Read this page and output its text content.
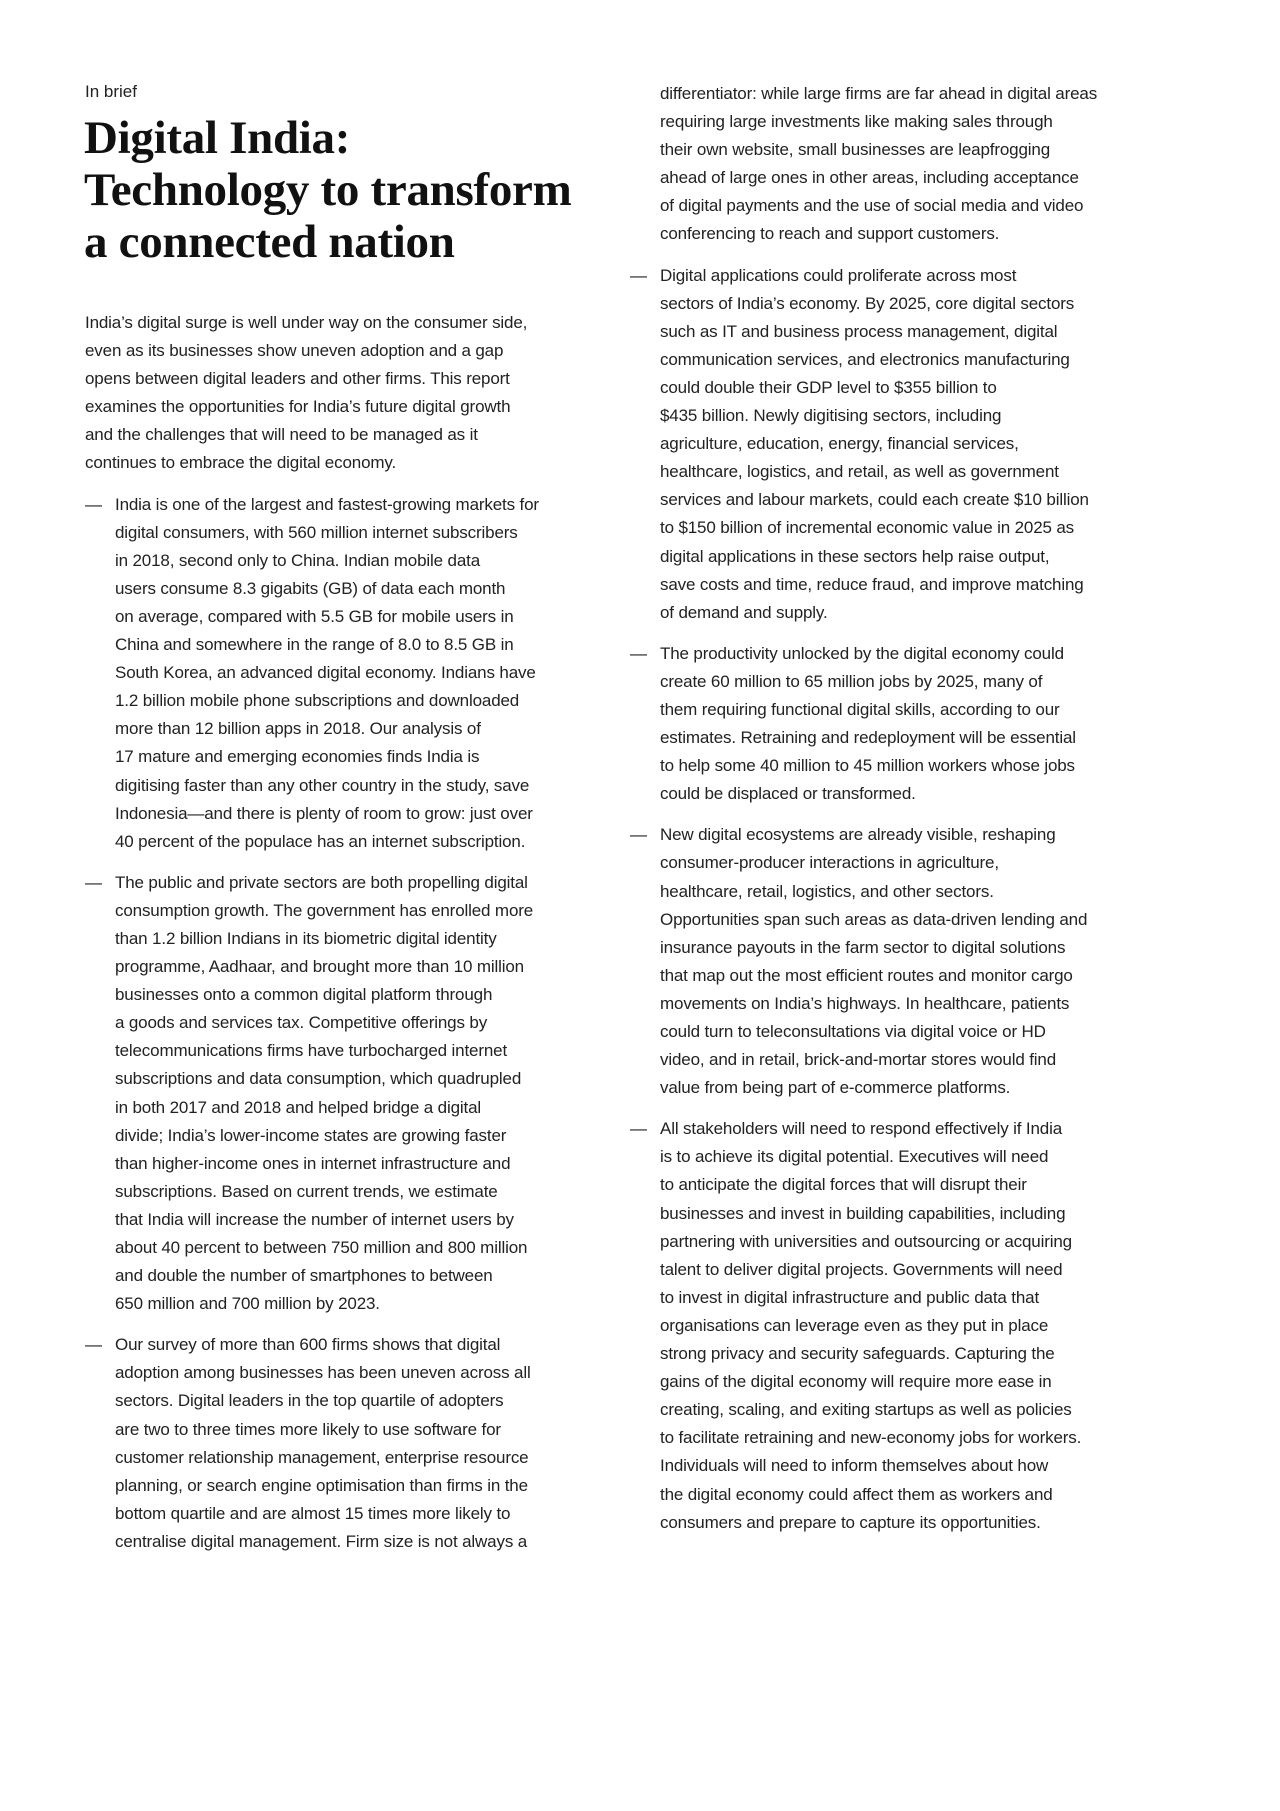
In brief
Digital India:
Technology to transform
a connected nation
India’s digital surge is well under way on the consumer side,
even as its businesses show uneven adoption and a gap
opens between digital leaders and other firms. This report
examines the opportunities for India’s future digital growth
and the challenges that will need to be managed as it
continues to embrace the digital economy.
— India is one of the largest and fastest-growing markets for
digital consumers, with 560 million internet subscribers
in 2018, second only to China. Indian mobile data
users consume 8.3 gigabits (GB) of data each month
on average, compared with 5.5 GB for mobile users in
China and somewhere in the range of 8.0 to 8.5 GB in
South Korea, an advanced digital economy. Indians have
1.2 billion mobile phone subscriptions and downloaded
more than 12 billion apps in 2018. Our analysis of
17 mature and emerging economies finds India is
digitising faster than any other country in the study, save
Indonesia—and there is plenty of room to grow: just over
40 percent of the populace has an internet subscription.
— The public and private sectors are both propelling digital
consumption growth. The government has enrolled more
than 1.2 billion Indians in its biometric digital identity
programme, Aadhaar, and brought more than 10 million
businesses onto a common digital platform through
a goods and services tax. Competitive offerings by
telecommunications firms have turbocharged internet
subscriptions and data consumption, which quadrupled
in both 2017 and 2018 and helped bridge a digital
divide; India’s lower-income states are growing faster
than higher-income ones in internet infrastructure and
subscriptions. Based on current trends, we estimate
that India will increase the number of internet users by
about 40 percent to between 750 million and 800 million
and double the number of smartphones to between
650 million and 700 million by 2023.
— Our survey of more than 600 firms shows that digital
adoption among businesses has been uneven across all
sectors. Digital leaders in the top quartile of adopters
are two to three times more likely to use software for
customer relationship management, enterprise resource
planning, or search engine optimisation than firms in the
bottom quartile and are almost 15 times more likely to
centralise digital management. Firm size is not always a
differentiator: while large firms are far ahead in digital areas
requiring large investments like making sales through
their own website, small businesses are leapfrogging
ahead of large ones in other areas, including acceptance
of digital payments and the use of social media and video
conferencing to reach and support customers.
— Digital applications could proliferate across most
sectors of India’s economy. By 2025, core digital sectors
such as IT and business process management, digital
communication services, and electronics manufacturing
could double their GDP level to $355 billion to
$435 billion. Newly digitising sectors, including
agriculture, education, energy, financial services,
healthcare, logistics, and retail, as well as government
services and labour markets, could each create $10 billion
to $150 billion of incremental economic value in 2025 as
digital applications in these sectors help raise output,
save costs and time, reduce fraud, and improve matching
of demand and supply.
— The productivity unlocked by the digital economy could
create 60 million to 65 million jobs by 2025, many of
them requiring functional digital skills, according to our
estimates. Retraining and redeployment will be essential
to help some 40 million to 45 million workers whose jobs
could be displaced or transformed.
— New digital ecosystems are already visible, reshaping
consumer-producer interactions in agriculture,
healthcare, retail, logistics, and other sectors.
Opportunities span such areas as data-driven lending and
insurance payouts in the farm sector to digital solutions
that map out the most efficient routes and monitor cargo
movements on India’s highways. In healthcare, patients
could turn to teleconsultations via digital voice or HD
video, and in retail, brick-and-mortar stores would find
value from being part of e-commerce platforms.
— All stakeholders will need to respond effectively if India
is to achieve its digital potential. Executives will need
to anticipate the digital forces that will disrupt their
businesses and invest in building capabilities, including
partnering with universities and outsourcing or acquiring
talent to deliver digital projects. Governments will need
to invest in digital infrastructure and public data that
organisations can leverage even as they put in place
strong privacy and security safeguards. Capturing the
gains of the digital economy will require more ease in
creating, scaling, and exiting startups as well as policies
to facilitate retraining and new-economy jobs for workers.
Individuals will need to inform themselves about how
the digital economy could affect them as workers and
consumers and prepare to capture its opportunities.
